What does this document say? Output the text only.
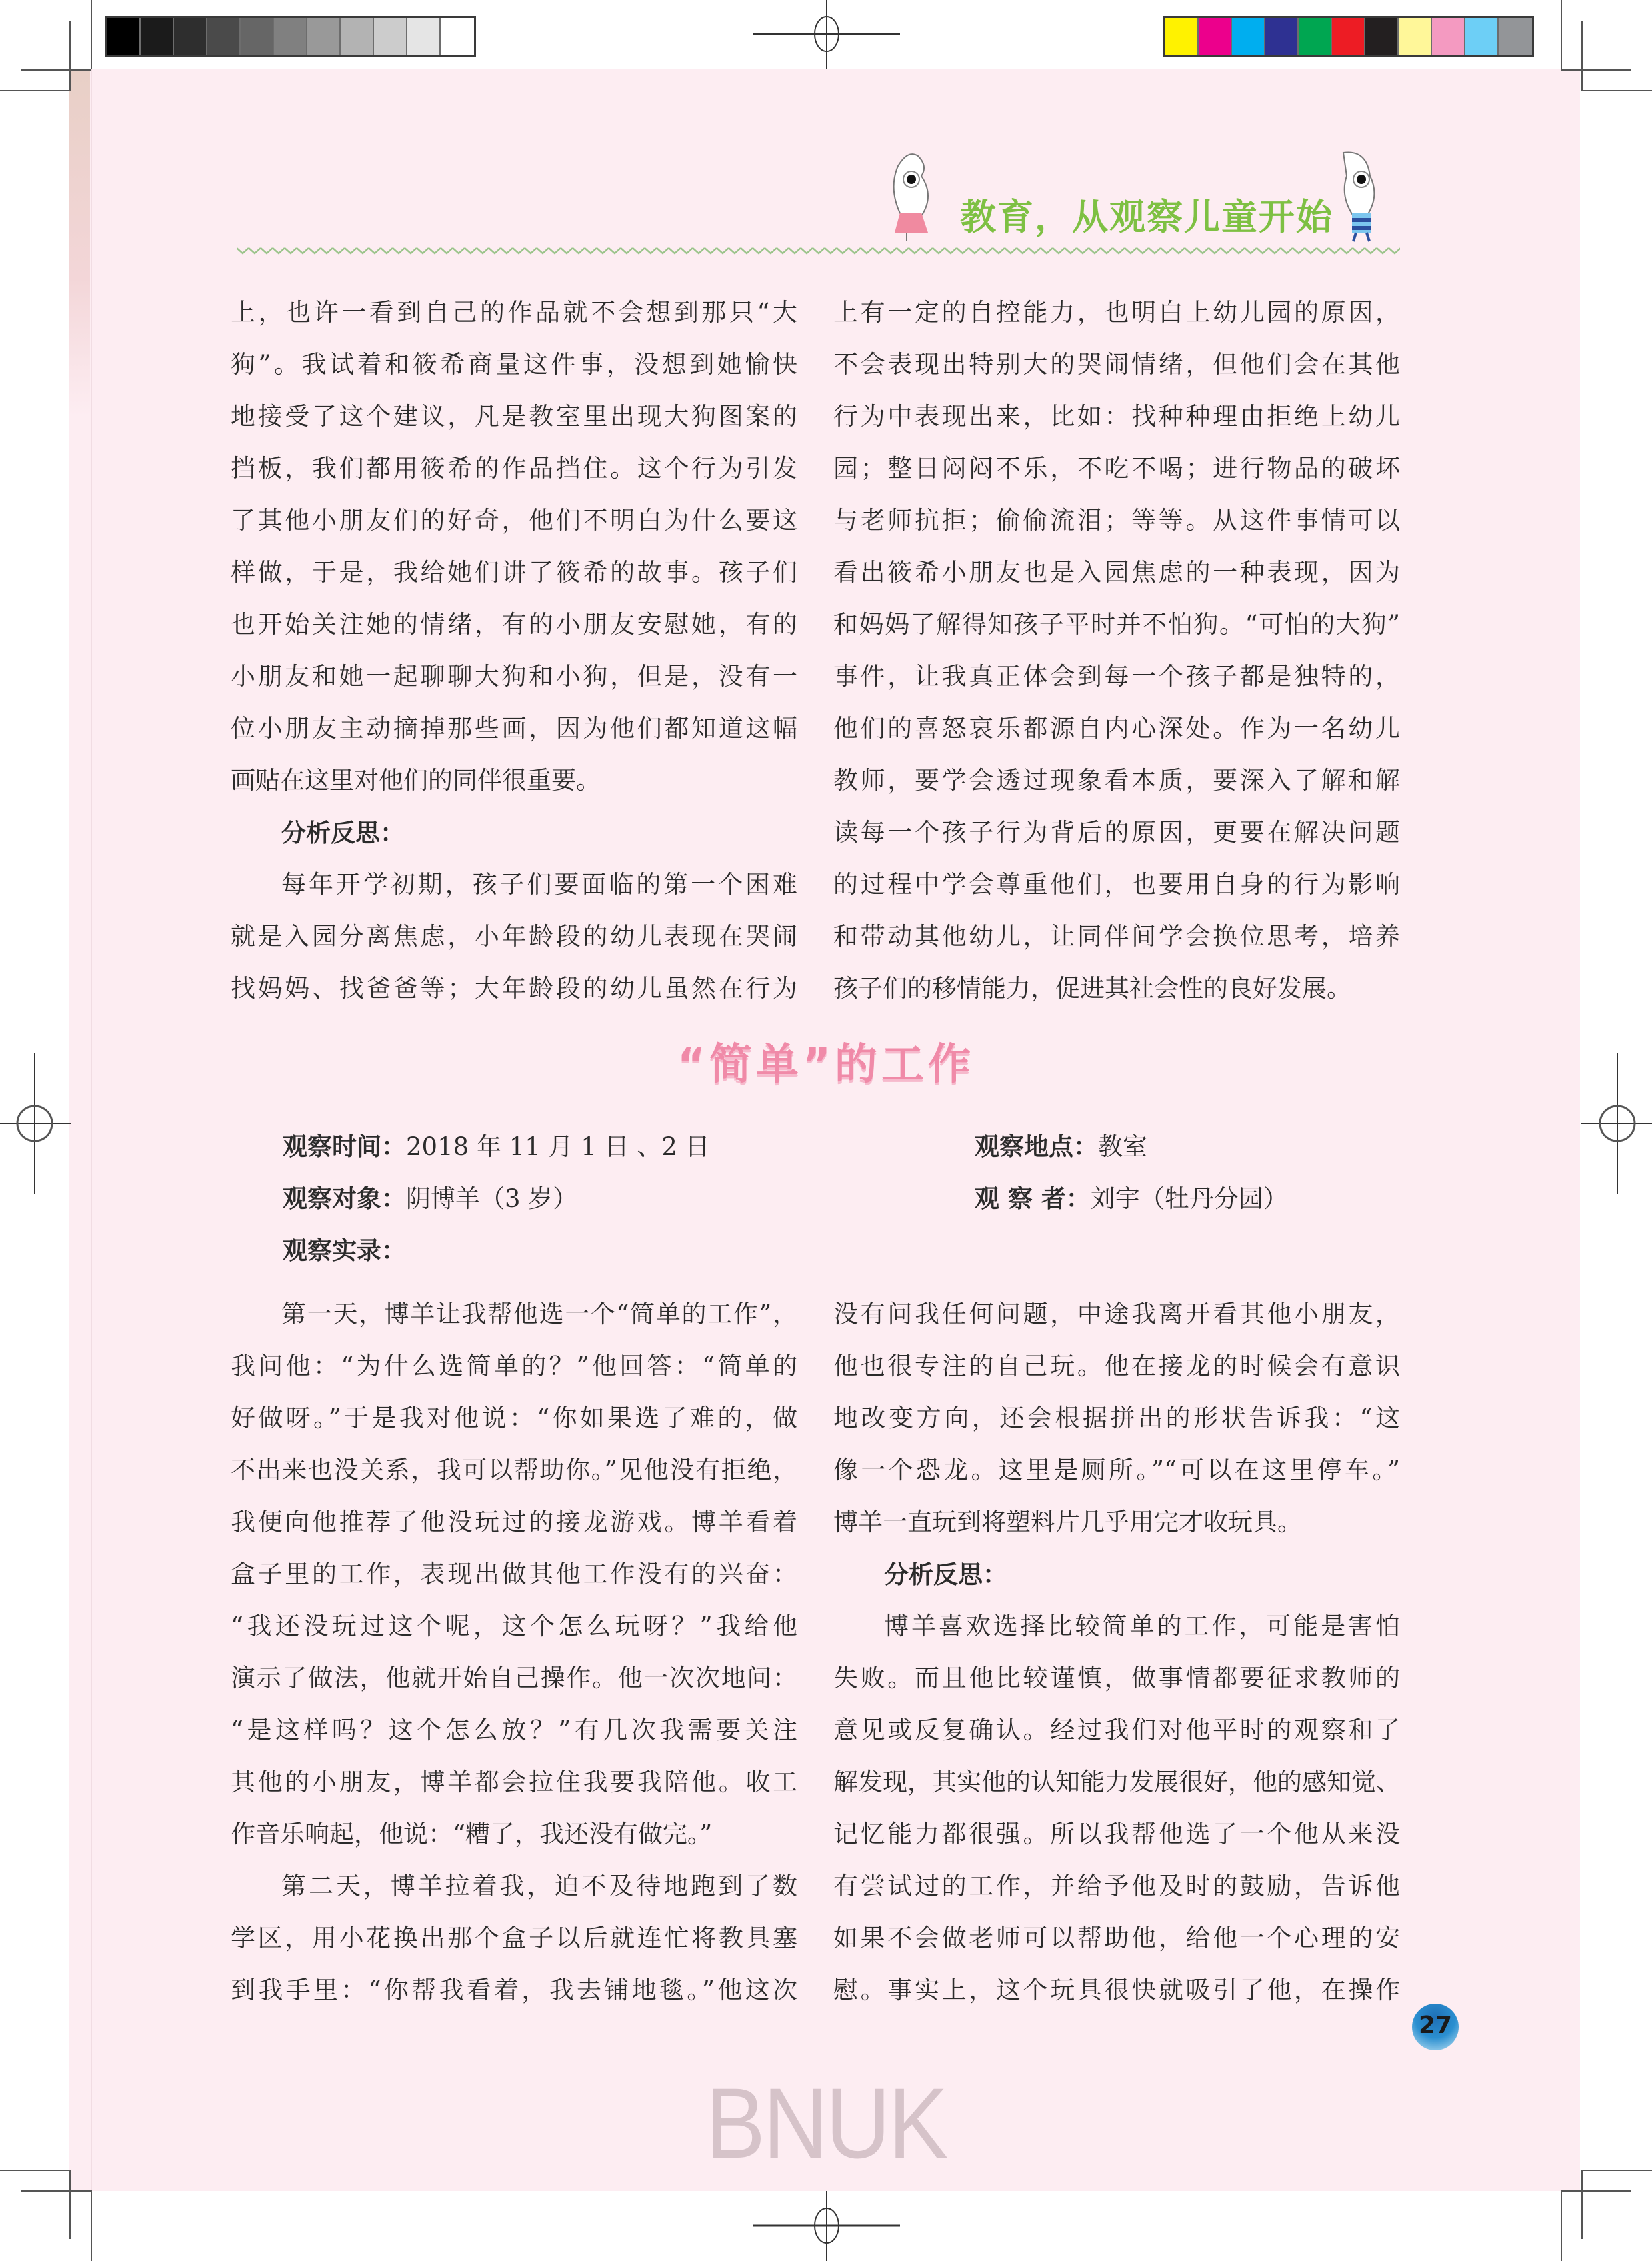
教育，从观察儿童开始
上，也许一看到自己的作品就不会想到那只“大
狗”。我试着和筱希商量这件事，没想到她愉快
地接受了这个建议，凡是教室里出现大狗图案的
挡板，我们都用筱希的作品挡住。这个行为引发
了其他小朋友们的好奇，他们不明白为什么要这
样做，于是，我给她们讲了筱希的故事。孩子们
也开始关注她的情绪，有的小朋友安慰她，有的
小朋友和她一起聊聊大狗和小狗，但是，没有一
位小朋友主动摘掉那些画，因为他们都知道这幅
画贴在这里对他们的同伴很重要。
分析反思：
每年开学初期，孩子们要面临的第一个困难
就是入园分离焦虑，小年龄段的幼儿表现在哭闹
找妈妈、找爸爸等；大年龄段的幼儿虽然在行为
上有一定的自控能力，也明白上幼儿园的原因，
不会表现出特别大的哭闹情绪，但他们会在其他
行为中表现出来，比如：找种种理由拒绝上幼儿
园；整日闷闷不乐，不吃不喝；进行物品的破坏
与老师抗拒；偷偷流泪；等等。从这件事情可以
看出筱希小朋友也是入园焦虑的一种表现，因为
和妈妈了解得知孩子平时并不怕狗。“可怕的大狗”
事件，让我真正体会到每一个孩子都是独特的，
他们的喜怒哀乐都源自内心深处。作为一名幼儿
教师，要学会透过现象看本质，要深入了解和解
读每一个孩子行为背后的原因，更要在解决问题
的过程中学会尊重他们，也要用自身的行为影响
和带动其他幼儿，让同伴间学会换位思考，培养
孩子们的移情能力，促进其社会性的良好发展。
“简单”的工作
观察时间：2018 年 11 月 1 日 、2 日	观察地点：教室
观察对象：阴博羊（3 岁）	观 察 者：刘宇（牡丹分园）
观察实录：
第一天，博羊让我帮他选一个“简单的工作”，
我问他：“为什么选简单的？”他回答：“简单的
好做呀。”于是我对他说：“你如果选了难的，做
不出来也没关系，我可以帮助你。”见他没有拒绝，
我便向他推荐了他没玩过的接龙游戏。博羊看着
盒子里的工作，表现出做其他工作没有的兴奋：
“我还没玩过这个呢，这个怎么玩呀？”我给他
演示了做法，他就开始自己操作。他一次次地问：
“是这样吗？这个怎么放？”有几次我需要关注
其他的小朋友，博羊都会拉住我要我陪他。收工
作音乐响起，他说：“糟了，我还没有做完。”
第二天，博羊拉着我，迫不及待地跑到了数
学区，用小花换出那个盒子以后就连忙将教具塞
到我手里：“你帮我看着，我去铺地毯。”他这次
没有问我任何问题，中途我离开看其他小朋友，
他也很专注的自己玩。他在接龙的时候会有意识
地改变方向，还会根据拼出的形状告诉我：“这
像一个恐龙。这里是厕所。”“可以在这里停车。”
博羊一直玩到将塑料片几乎用完才收玩具。
分析反思：
博羊喜欢选择比较简单的工作，可能是害怕
失败。而且他比较谨慎，做事情都要征求教师的
意见或反复确认。经过我们对他平时的观察和了
解发现，其实他的认知能力发展很好，他的感知觉、
记忆能力都很强。所以我帮他选了一个他从来没
有尝试过的工作，并给予他及时的鼓励，告诉他
如果不会做老师可以帮助他，给他一个心理的安
慰。事实上，这个玩具很快就吸引了他，在操作
27
BNUK
